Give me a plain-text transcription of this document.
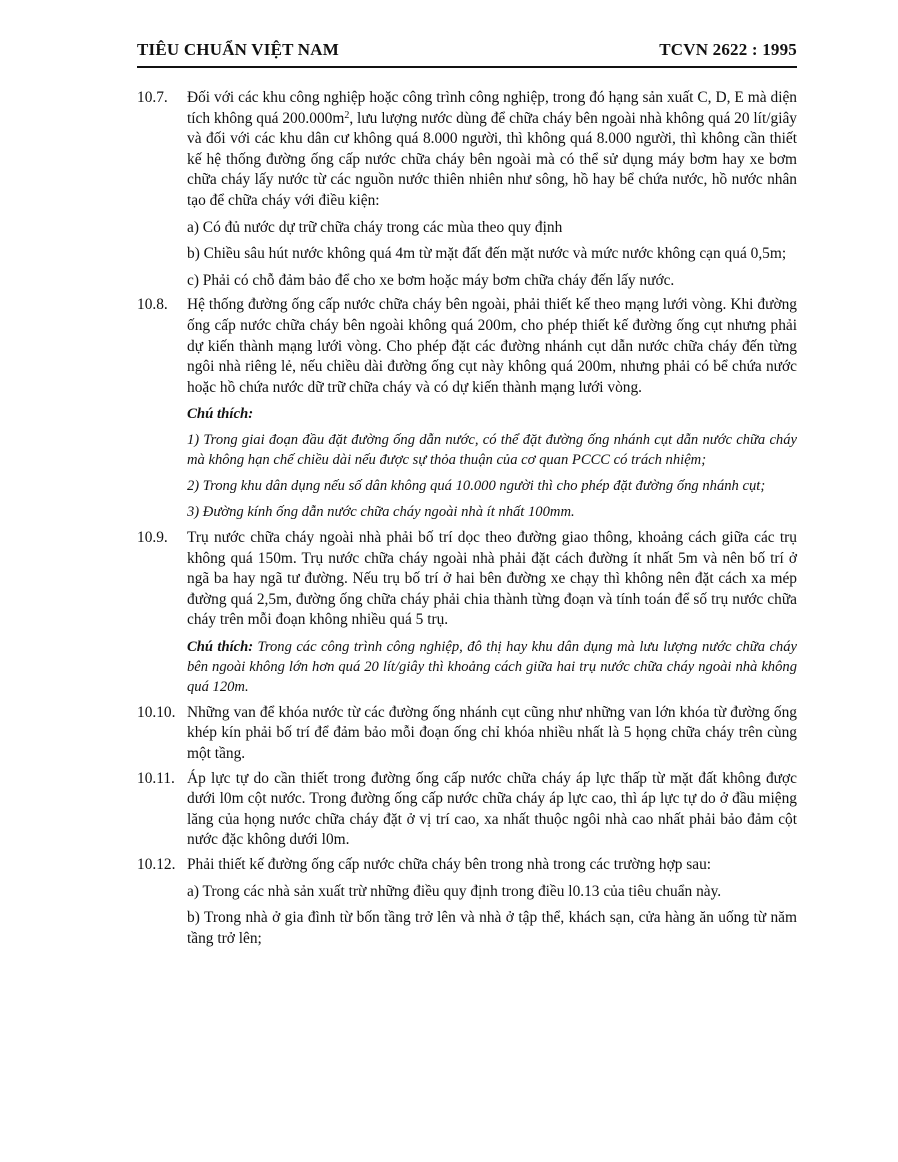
TIÊU CHUẨN VIỆT NAM	TCVN 2622 : 1995
10.7. Đối với các khu công nghiệp hoặc công trình công nghiệp, trong đó hạng sản xuất C, D, E mà diện tích không quá $200.000m^2$, lưu lượng nước dùng để chữa cháy bên ngoài nhà không quá 20 lít/giây và đối với các khu dân cư không quá 8.000 người, thì không quá 8.000 người, thì không cần thiết kế hệ thống đường ống cấp nước chữa cháy bên ngoài mà có thể sử dụng máy bơm hay xe bơm chữa cháy lấy nước từ các nguồn nước thiên nhiên như sông, hồ hay bể chứa nước, hồ nước nhân tạo để chữa cháy với điều kiện:

a) Có đủ nước dự trữ chữa cháy trong các mùa theo quy định

b) Chiều sâu hút nước không quá 4m từ mặt đất đến mặt nước và mức nước không cạn quá 0,5m;

c) Phải có chỗ đảm bảo để cho xe bơm hoặc máy bơm chữa cháy đến lấy nước.

10.8. Hệ thống đường ống cấp nước chữa cháy bên ngoài, phải thiết kế theo mạng lưới vòng. Khi đường ống cấp nước chữa cháy bên ngoài không quá 200m, cho phép thiết kế đường ống cụt nhưng phải dự kiến thành mạng lưới vòng. Cho phép đặt các đường nhánh cụt dẫn nước chữa cháy đến từng ngôi nhà riêng lẻ, nếu chiều dài đường ống cụt này không quá 200m, nhưng phải có bể chứa nước hoặc hồ chứa nước dữ trữ chữa cháy và có dự kiến thành mạng lưới vòng.

Chú thích:

1) Trong giai đoạn đầu đặt đường ống dẫn nước, có thể đặt đường ống nhánh cụt dẫn nước chữa cháy mà không hạn chế chiều dài nếu được sự thỏa thuận của cơ quan PCCC có trách nhiệm;

2) Trong khu dân dụng nếu số dân không quá 10.000 người thì cho phép đặt đường ống nhánh cụt;

3) Đường kính ống dẫn nước chữa cháy ngoài nhà ít nhất 100mm.

10.9. Trụ nước chữa cháy ngoài nhà phải bố trí dọc theo đường giao thông, khoảng cách giữa các trụ không quá 150m. Trụ nước chữa cháy ngoài nhà phải đặt cách đường ít nhất 5m và nên bố trí ở ngã ba hay ngã tư đường. Nếu trụ bố trí ở hai bên đường xe chạy thì không nên đặt cách xa mép đường quá 2,5m, đường ống chữa cháy phải chia thành từng đoạn và tính toán để số trụ nước chữa cháy trên mỗi đoạn không nhiều quá 5 trụ.

Chú thích: Trong các công trình công nghiệp, đô thị hay khu dân dụng mà lưu lượng nước chữa cháy bên ngoài không lớn hơn quá 20 lít/giây thì khoảng cách giữa hai trụ nước chữa cháy ngoài nhà không quá 120m.

10.10. Những van để khóa nước từ các đường ống nhánh cụt cũng như những van lớn khóa từ đường ống khép kín phải bố trí để đảm bảo mỗi đoạn ống chỉ khóa nhiều nhất là 5 họng chữa cháy trên cùng một tầng.

10.11. Áp lực tự do cần thiết trong đường ống cấp nước chữa cháy áp lực thấp từ mặt đất không được dưới l0m cột nước. Trong đường ống cấp nước chữa cháy áp lực cao, thì áp lực tự do ở đầu miệng lăng của họng nước chữa cháy đặt ở vị trí cao, xa nhất thuộc ngôi nhà cao nhất phải bảo đảm cột nước đặc không dưới l0m.

10.12. Phải thiết kế đường ống cấp nước chữa cháy bên trong nhà trong các trường hợp sau:

a) Trong các nhà sản xuất trừ những điều quy định trong điều l0.13 của tiêu chuẩn này.

b) Trong nhà ở gia đình từ bốn tầng trở lên và nhà ở tập thể, khách sạn, cửa hàng ăn uống từ năm tầng trở lên;
